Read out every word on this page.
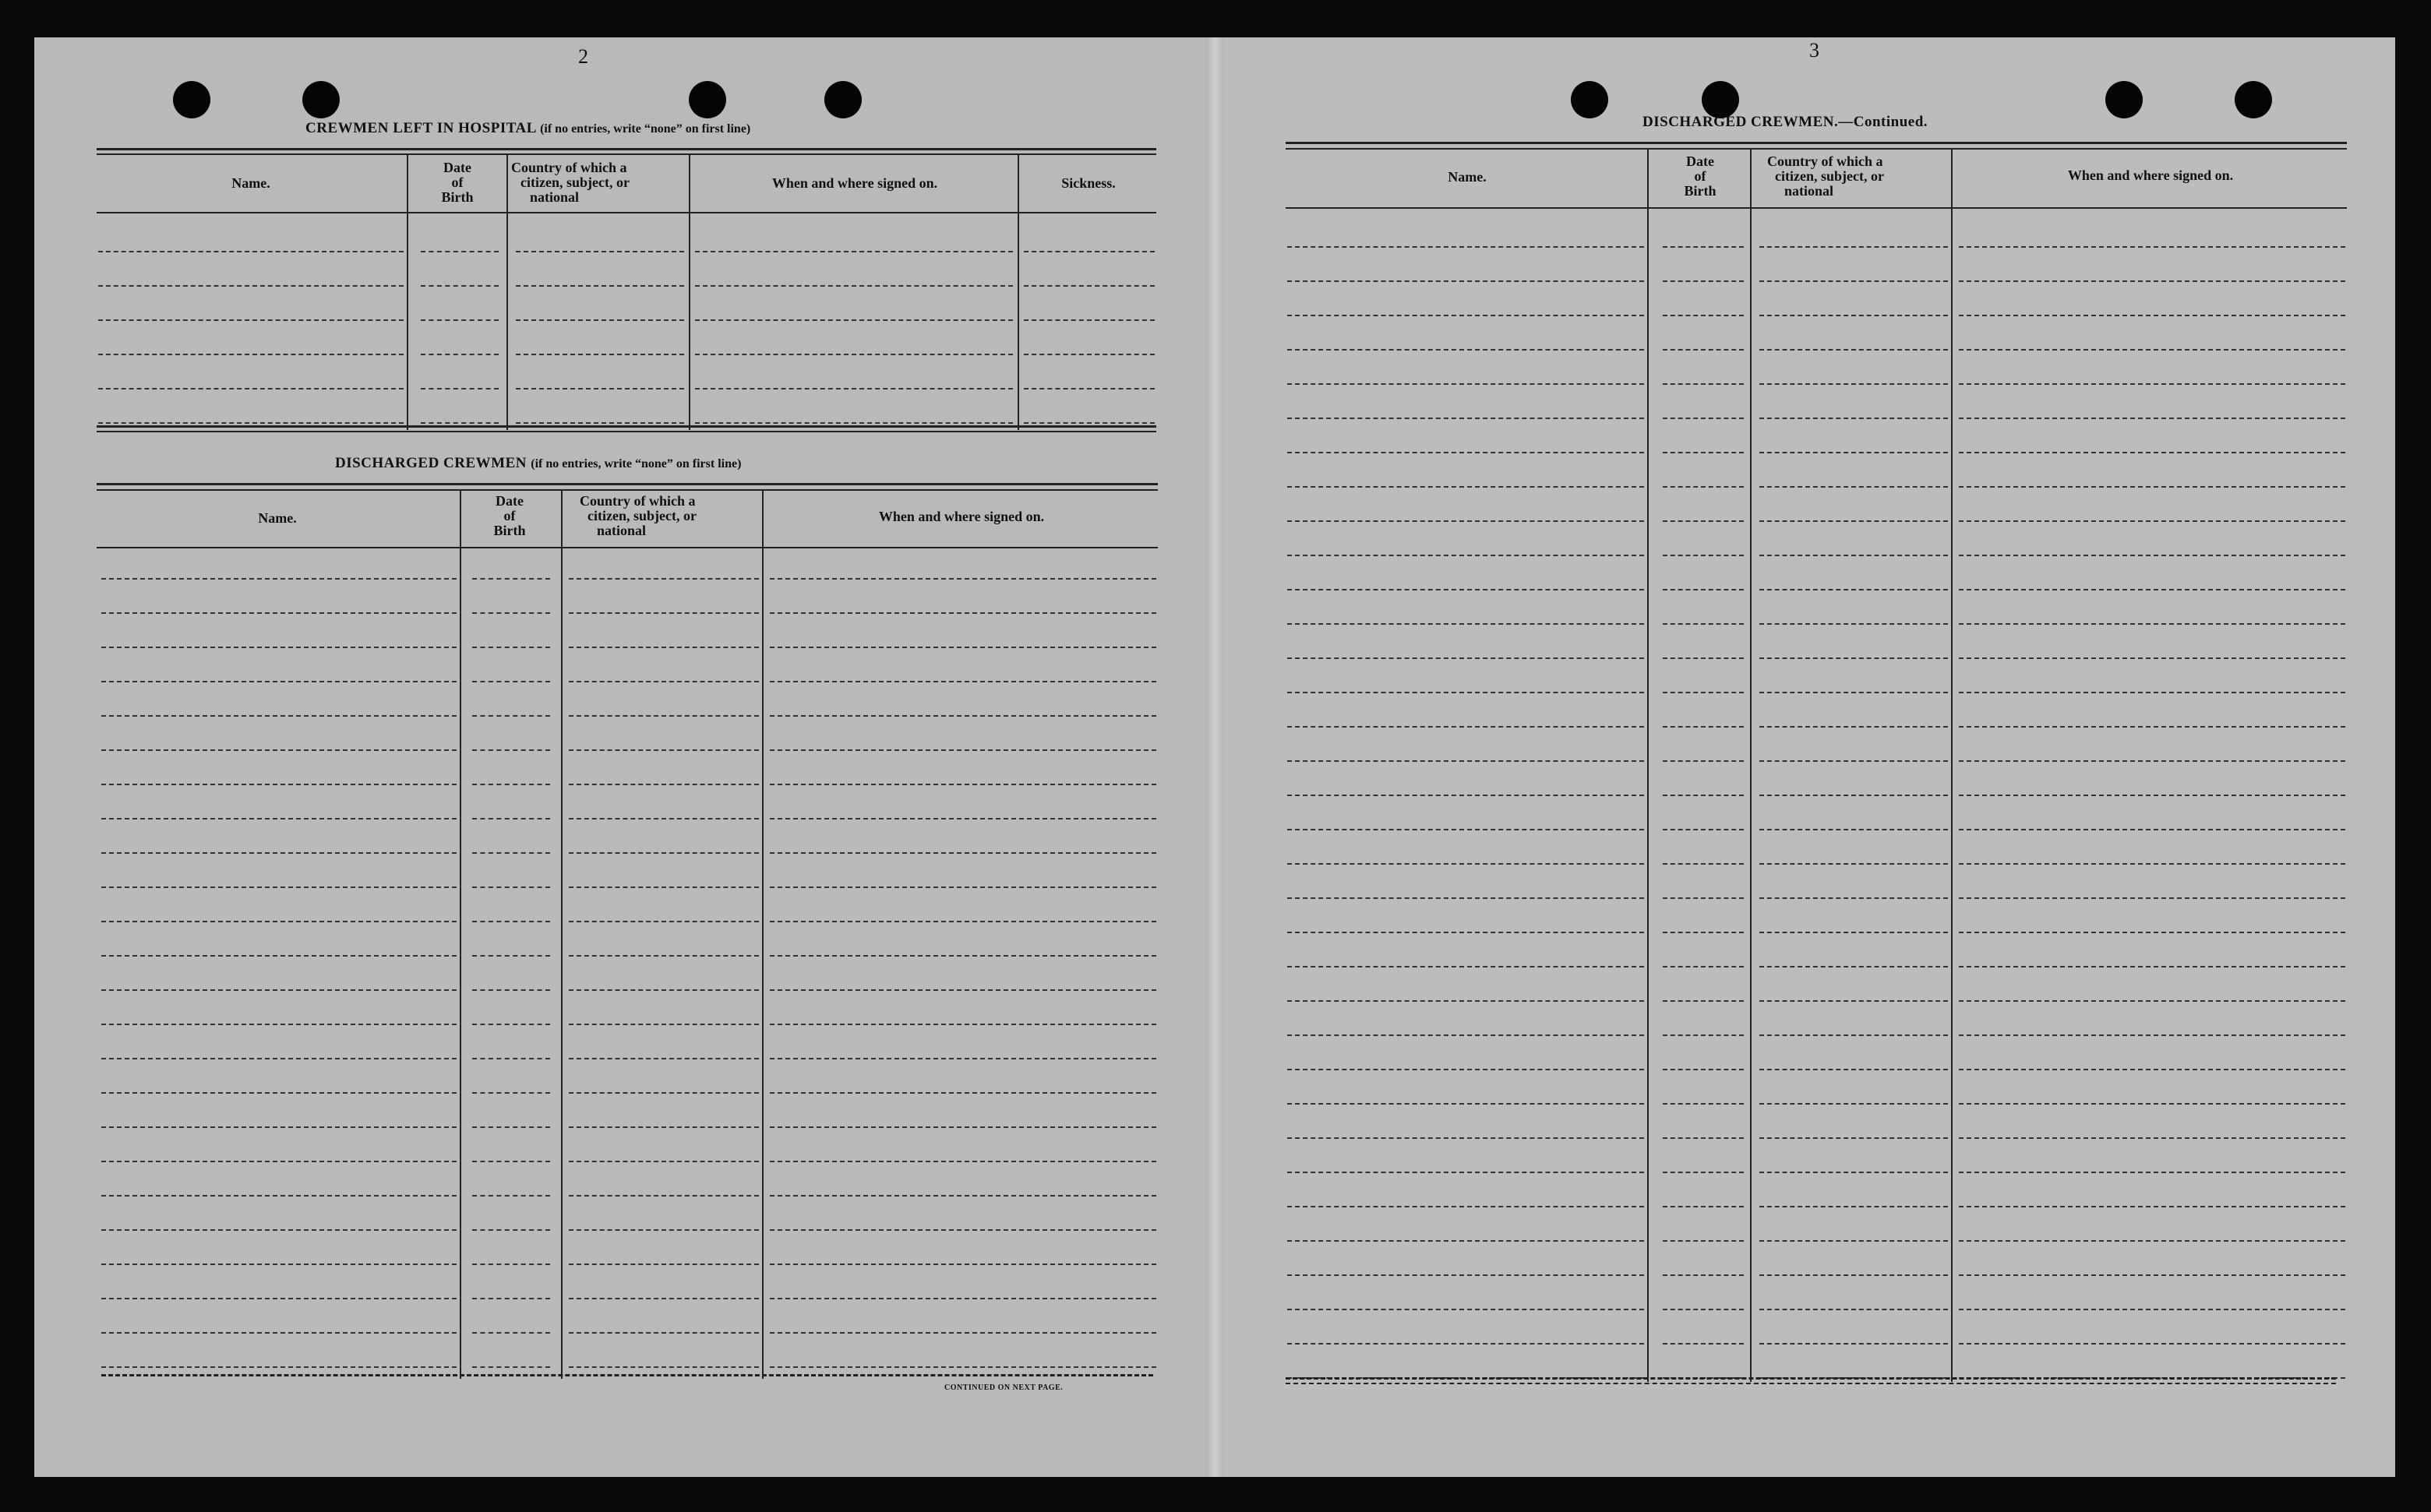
2
CREWMEN LEFT IN HOSPITAL (if no entries, write “none” on first line)
Name.
Date
of
Birth
Country of which a
citizen, subject, or
national
When and where signed on.	Sickness.
DISCHARGED CREWMEN (if no entries, write “none” on first line)
Name.
Date
of
Birth
Country of which a
citizen, subject, or
national
When and where signed on.
CONTINUED ON NEXT PAGE.
3
DISCHARGED CREWMEN.—Continued.
Name.
Date
of
Birth
Country of which a
citizen, subject, or
national
When and where signed on.
